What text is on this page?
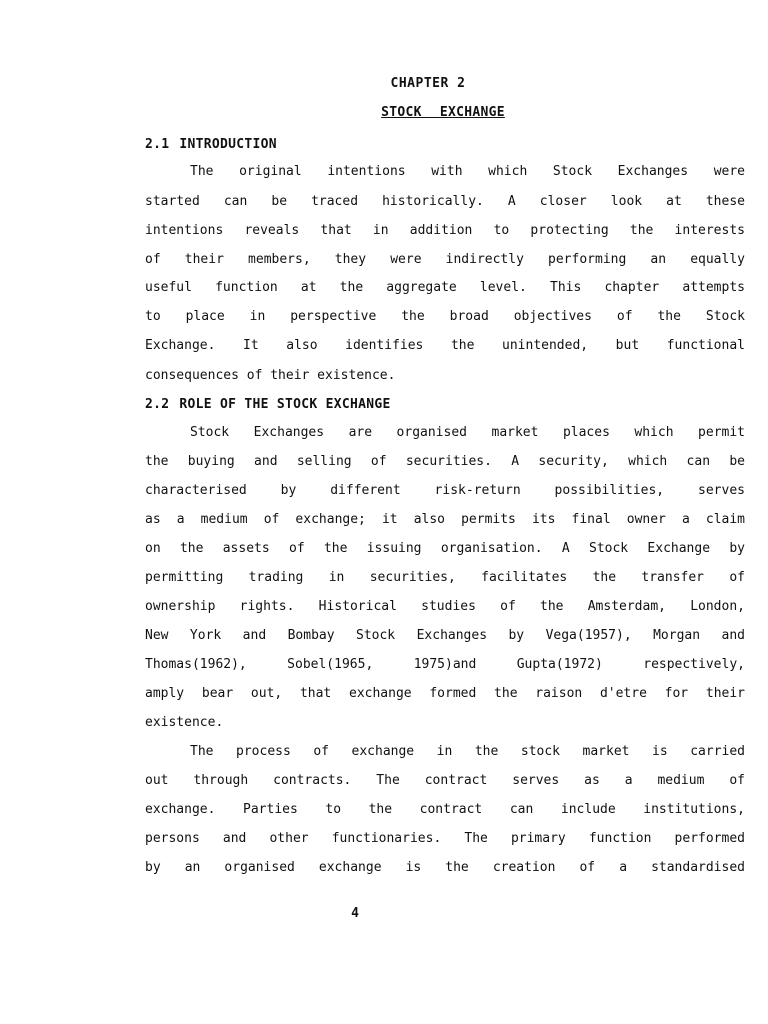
CHAPTER 2
STOCK EXCHANGE
2.1 INTRODUCTION
The original intentions with which Stock Exchanges were
started can be traced historically. A closer look at these
intentions reveals that in addition to protecting the interests
of their members, they were indirectly performing an equally
useful function at the aggregate level. This chapter attempts
to place in perspective the broad objectives of the Stock
Exchange. It also identifies the unintended, but functional
consequences of their existence.
2.2 ROLE OF THE STOCK EXCHANGE
Stock Exchanges are organised market places which permit
the buying and selling of securities. A security, which can be
characterised by different risk-return possibilities, serves
as a medium of exchange; it also permits its final owner a claim
on the assets of the issuing organisation. A Stock Exchange by
permitting trading in securities, facilitates the transfer of
ownership rights. Historical studies of the Amsterdam, London,
New York and Bombay Stock Exchanges by Vega(1957), Morgan and
Thomas(1962), Sobel(1965, 1975)and Gupta(1972) respectively,
amply bear out, that exchange formed the raison d'etre for their
existence.
The process of exchange in the stock market is carried
out through contracts. The contract serves as a medium of
exchange. Parties to the contract can include institutions,
persons and other functionaries. The primary function performed
by an organised exchange is the creation of a standardised
4
